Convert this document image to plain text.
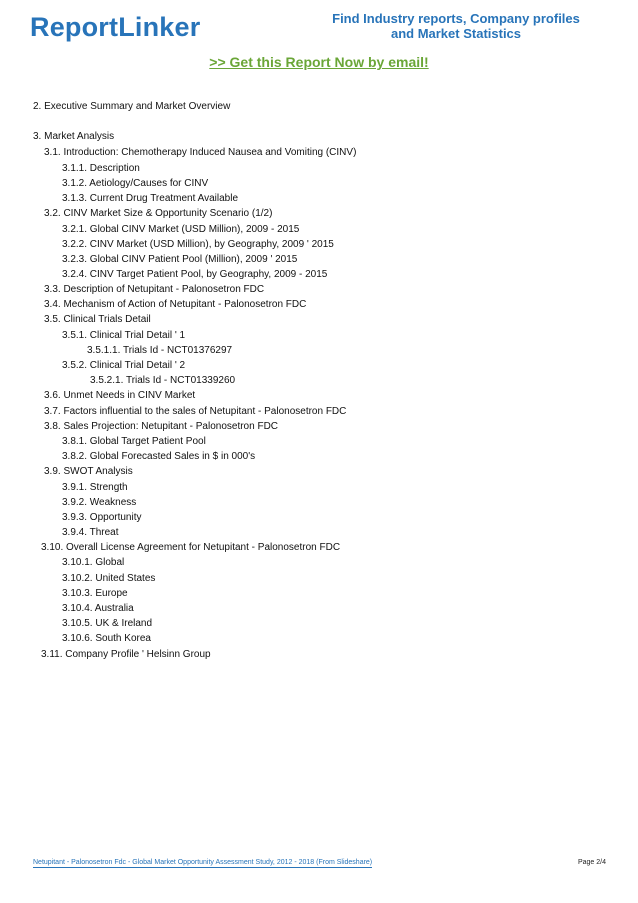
ReportLinker	Find Industry reports, Company profiles
and Market Statistics
>> Get this Report Now by email!
2. Executive Summary and Market Overview
3. Market Analysis
3.1. Introduction: Chemotherapy Induced Nausea and Vomiting (CINV)
3.1.1. Description
3.1.2. Aetiology/Causes for CINV
3.1.3. Current Drug Treatment Available
3.2. CINV Market Size & Opportunity Scenario (1/2)
3.2.1. Global CINV Market (USD Million), 2009 - 2015
3.2.2. CINV Market (USD Million), by Geography, 2009 ' 2015
3.2.3. Global CINV Patient Pool (Million), 2009 ' 2015
3.2.4. CINV Target Patient Pool, by Geography, 2009 - 2015
3.3. Description of Netupitant - Palonosetron FDC
3.4. Mechanism of Action of Netupitant - Palonosetron FDC
3.5. Clinical Trials Detail
3.5.1. Clinical Trial Detail ' 1
3.5.1.1. Trials Id - NCT01376297
3.5.2. Clinical Trial Detail ' 2
3.5.2.1. Trials Id - NCT01339260
3.6. Unmet Needs in CINV Market
3.7. Factors influential to the sales of Netupitant - Palonosetron FDC
3.8. Sales Projection: Netupitant - Palonosetron FDC
3.8.1. Global Target Patient Pool
3.8.2. Global Forecasted Sales in $ in 000's
3.9. SWOT Analysis
3.9.1. Strength
3.9.2. Weakness
3.9.3. Opportunity
3.9.4. Threat
3.10. Overall License Agreement for Netupitant - Palonosetron FDC
3.10.1. Global
3.10.2. United States
3.10.3. Europe
3.10.4. Australia
3.10.5. UK & Ireland
3.10.6. South Korea
3.11. Company Profile ' Helsinn Group
Netupitant - Palonosetron Fdc - Global Market Opportunity Assessment Study, 2012 - 2018 (From Slideshare)	Page 2/4
